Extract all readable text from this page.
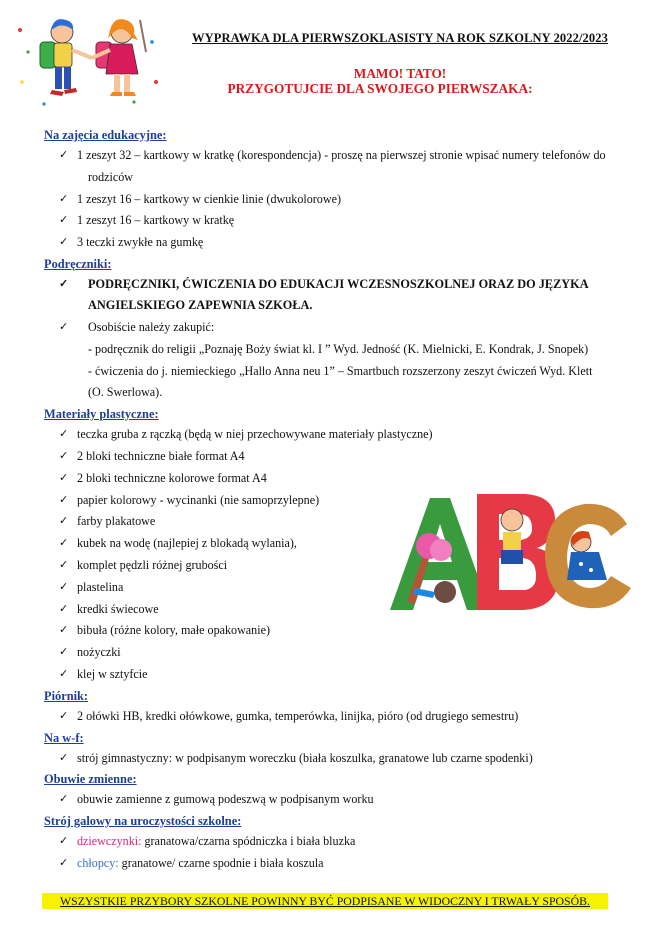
WYPRAWKA DLA PIERWSZOKLASISTY NA ROK SZKOLNY 2022/2023
MAMO! TATO!
PRZYGOTUJCIE DLA SWOJEGO PIERWSZAKA:
Na zajęcia edukacyjne:
✓ 1 zeszyt 32 – kartkowy w kratkę (korespondencja) - proszę na pierwszej stronie wpisać numery telefonów do
rodziców
✓ 1 zeszyt 16 – kartkowy w cienkie linie (dwukolorowe)
✓ 1 zeszyt 16 – kartkowy w kratkę
✓ 3 teczki zwykłe na gumkę
Podręczniki:
✓ PODRĘCZNIKI, ĆWICZENIA DO EDUKACJI WCZESNOSZKOLNEJ ORAZ DO JĘZYKA
ANGIELSKIEGO ZAPEWNIA SZKOŁA.
✓ Osobiście należy zakupić:
- podręcznik do religii „Poznaję Boży świat kl. I ” Wyd. Jedność (K. Mielnicki, E. Kondrak, J. Snopek)
- ćwiczenia do j. niemieckiego „Hallo Anna neu 1” – Smartbuch rozszerzony zeszyt ćwiczeń Wyd. Klett
(O. Swerlowa).
Materiały plastyczne:
✓ teczka gruba z rączką (będą w niej przechowywane materiały plastyczne)
✓ 2 bloki techniczne białe format A4
✓ 2 bloki techniczne kolorowe format A4
✓ papier kolorowy - wycinanki (nie samoprzylepne)
✓ farby plakatowe
✓ kubek na wodę (najlepiej z blokadą wylania),
✓ komplet pędzli różnej grubości
✓ plastelina
✓ kredki świecowe
✓ bibuła (różne kolory, małe opakowanie)
✓ nożyczki
✓ klej w sztyfcie
Piórnik:
✓ 2 ołówki HB, kredki ołówkowe, gumka, temperówka, linijka, pióro (od drugiego semestru)
Na w-f:
✓ strój gimnastyczny: w podpisanym woreczku (biała koszulka, granatowe lub czarne spodenki)
Obuwie zmienne:
✓ obuwie zamienne z gumową podeszwą w podpisanym worku
Strój galowy na uroczystości szkolne:
✓ dziewczynki: granatowa/czarna spódniczka i biała bluzka
✓ chłopcy: granatowe/ czarne spodnie i biała koszula
WSZYSTKIE PRZYBORY SZKOLNE POWINNY BYĆ PODPISANE W WIDOCZNY I TRWAŁY SPOSÓB.
